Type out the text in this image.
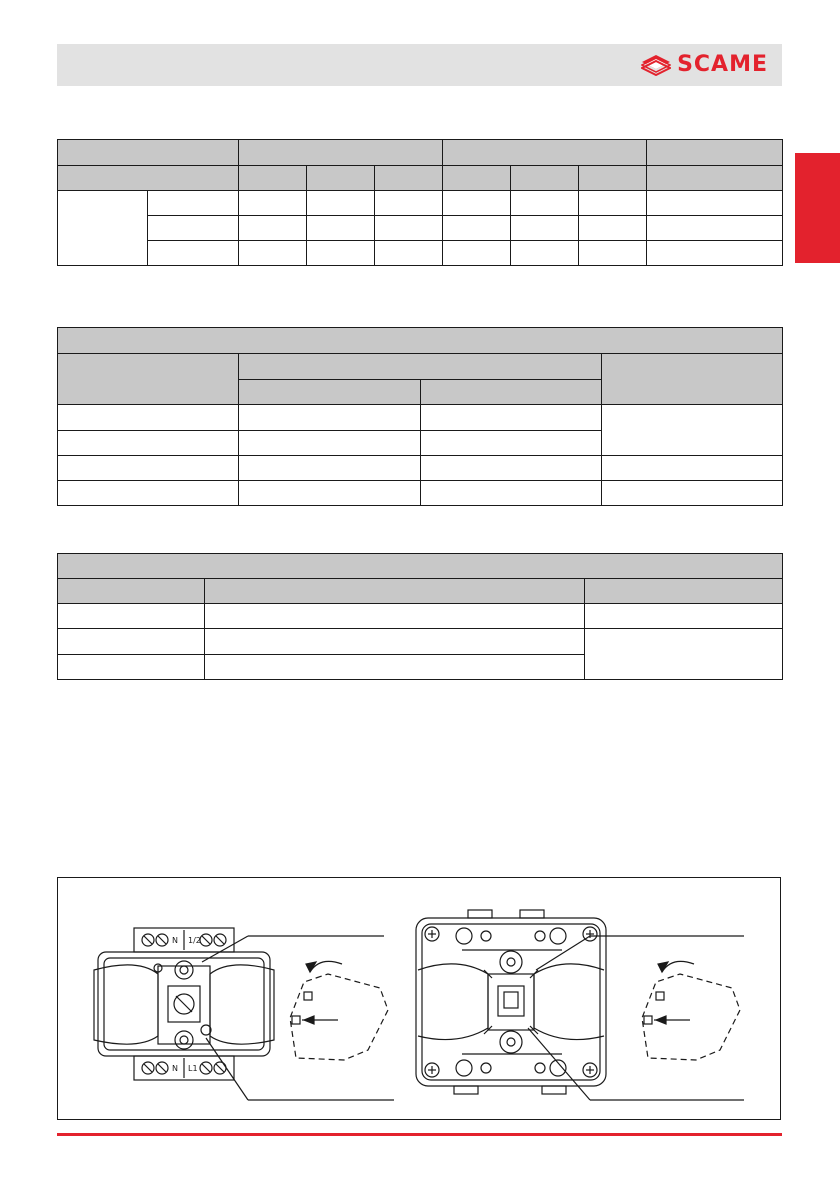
SCAME

N 1/2
N L1
